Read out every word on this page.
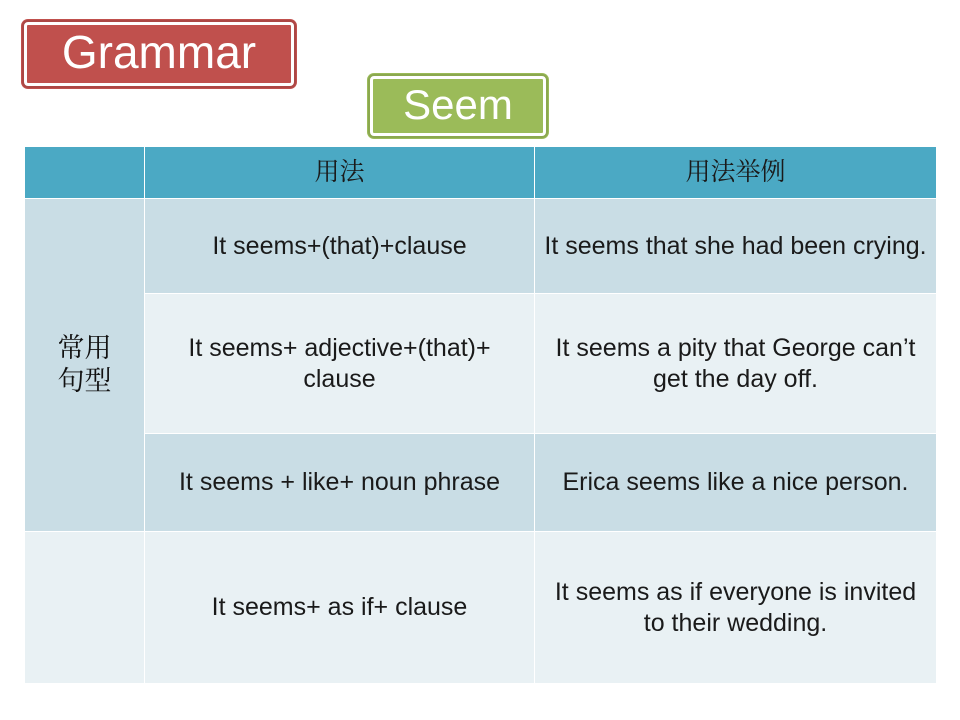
Grammar
Seem
	用法	用法举例

常用
句型	It seems+(that)+clause	It seems that she had been crying.
	It seems+ adjective+(that)+ clause	It seems a pity that George can’t get the day off.
	It seems + like+ noun phrase	Erica seems like a nice person.
	It seems+ as if+ clause	It seems as if everyone is invited to their wedding.
